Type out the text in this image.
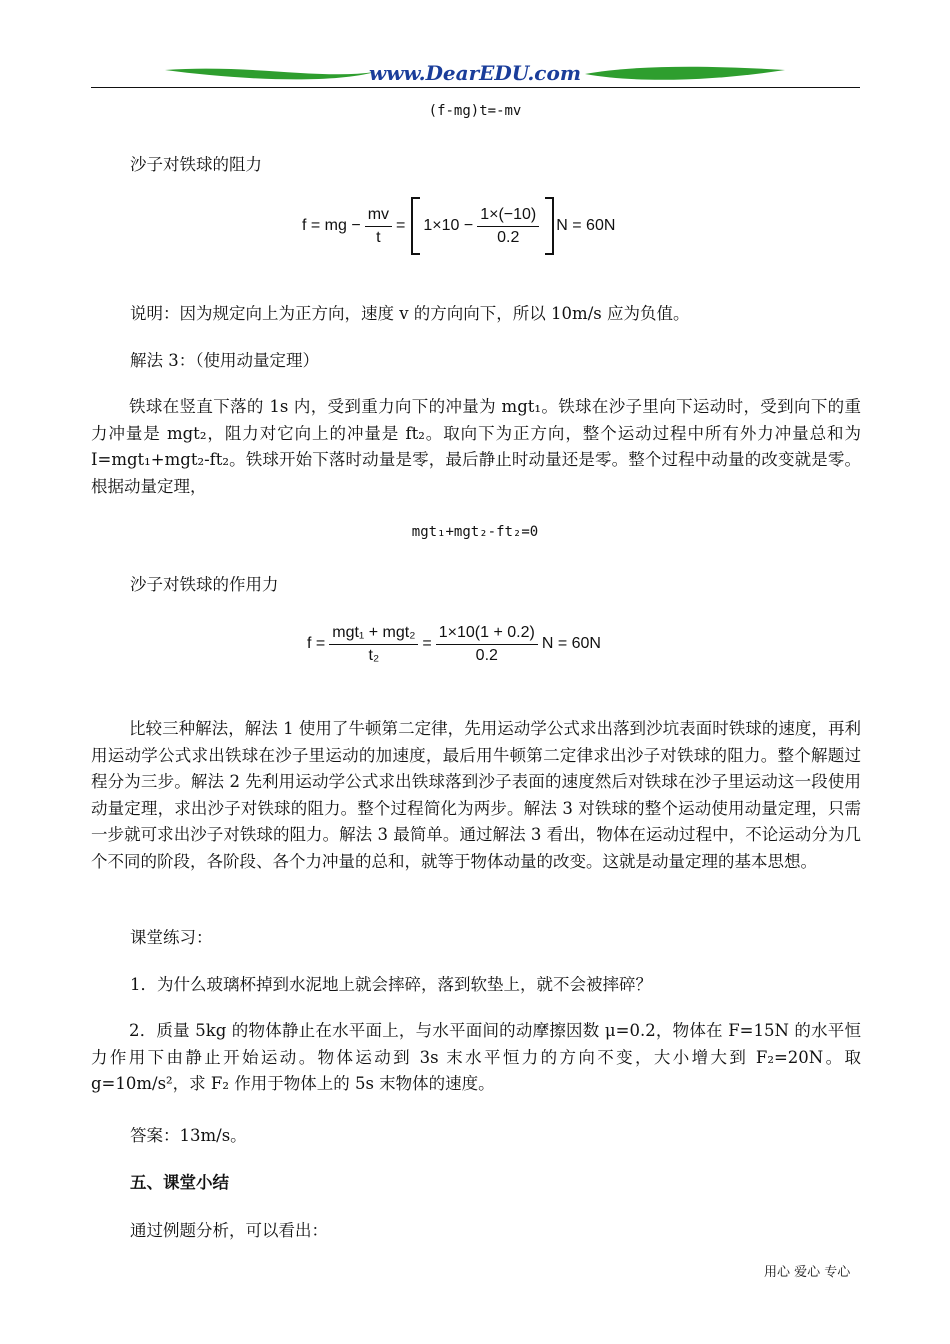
www.DearEDU.com
(f-mg)t=-mv
沙子对铁球的阻力
f = mg − $\frac{mv}{t} = 1\times 10 - \frac{1\times(-10)}{0.2}$ N = 60N
说明：因为规定向上为正方向，速度 v 的方向向下，所以 10m/s 应为负值。
解法 3：（使用动量定理）
铁球在竖直下落的 1s 内，受到重力向下的冲量为 mgt₁。铁球在沙子里向下运动时，受到向下的重力冲量是 mgt₂，阻力对它向上的冲量是 ft₂。取向下为正方向，整个运动过程中所有外力冲量总和为 I=mgt₁+mgt₂-ft₂。铁球开始下落时动量是零，最后静止时动量还是零。整个过程中动量的改变就是零。根据动量定理，
mgt₁+mgt₂-ft₂=0
沙子对铁球的作用力
$f = \frac{\text{mgt₁ + mgt₂}}{\text{t₂}} = \frac{1\times 10(1 + 0.2)}{0.2}$ N = 60N
比较三种解法，解法 1 使用了牛顿第二定律，先用运动学公式求出落到沙坑表面时铁球的速度，再利用运动学公式求出铁球在沙子里运动的加速度，最后用牛顿第二定律求出沙子对铁球的阻力。整个解题过程分为三步。解法 2 先利用运动学公式求出铁球落到沙子表面的速度然后对铁球在沙子里运动这一段使用动量定理，求出沙子对铁球的阻力。整个过程简化为两步。解法 3 对铁球的整个运动使用动量定理，只需一步就可求出沙子对铁球的阻力。解法 3 最简单。通过解法 3 看出，物体在运动过程中，不论运动分为几个不同的阶段，各阶段、各个力冲量的总和，就等于物体动量的改变。这就是动量定理的基本思想。
课堂练习：
1．为什么玻璃杯掉到水泥地上就会摔碎，落到软垫上，就不会被摔碎？
2．质量 5kg 的物体静止在水平面上，与水平面间的动摩擦因数 μ=0.2，物体在 F=15N 的水平恒力作用下由静止开始运动。物体运动到 3s 末水平恒力的方向不变，大小增大到 F₂=20N。取 g=10m/s²，求 F₂ 作用于物体上的 5s 末物体的速度。
答案：13m/s。
五、课堂小结
通过例题分析，可以看出：
用心 爱心 专心
